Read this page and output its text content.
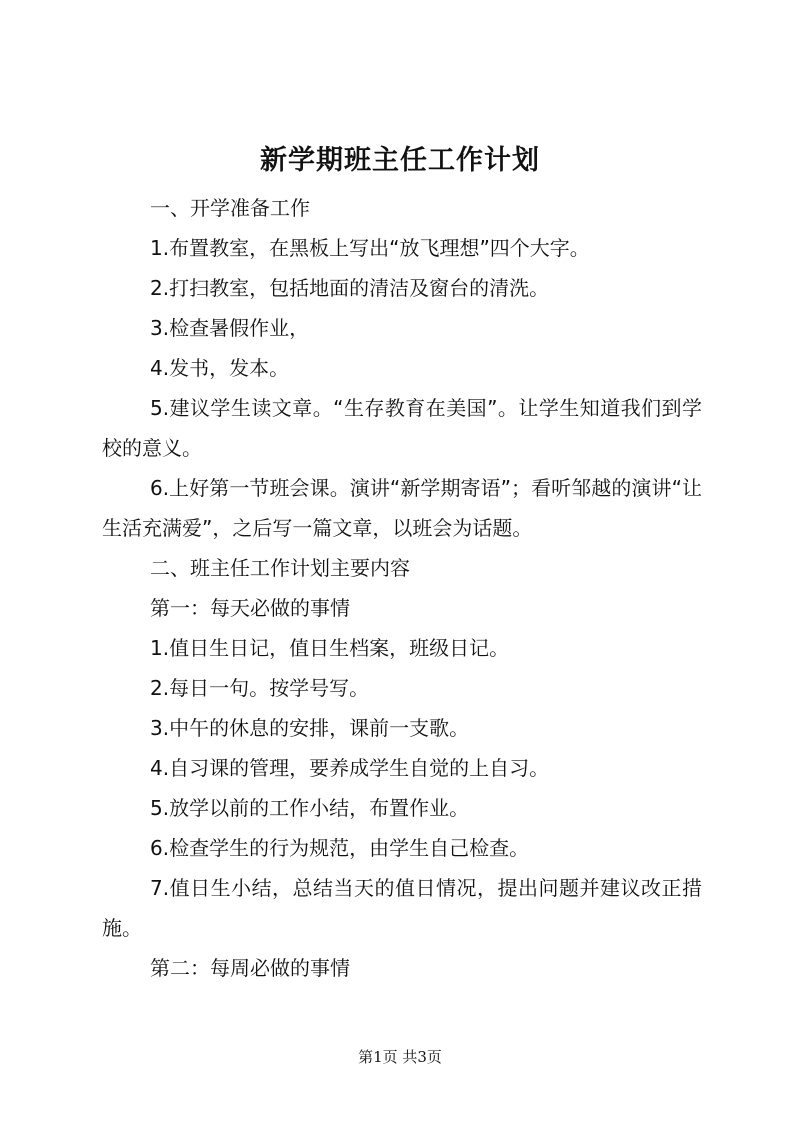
新学期班主任工作计划

一、开学准备工作

1.布置教室，在黑板上写出“放飞理想”四个大字。

2.打扫教室，包括地面的清洁及窗台的清洗。

3.检查暑假作业，

4.发书，发本。

5.建议学生读文章。“生存教育在美国”。让学生知道我们到学校的意义。

6.上好第一节班会课。演讲“新学期寄语”；看听邹越的演讲“让生活充满爱”，之后写一篇文章，以班会为话题。

二、班主任工作计划主要内容

第一：每天必做的事情

1.值日生日记，值日生档案，班级日记。

2.每日一句。按学号写。

3.中午的休息的安排，课前一支歌。

4.自习课的管理，要养成学生自觉的上自习。

5.放学以前的工作小结，布置作业。

6.检查学生的行为规范，由学生自己检查。

7.值日生小结，总结当天的值日情况，提出问题并建议改正措施。

第二：每周必做的事情

第1页 共3页
